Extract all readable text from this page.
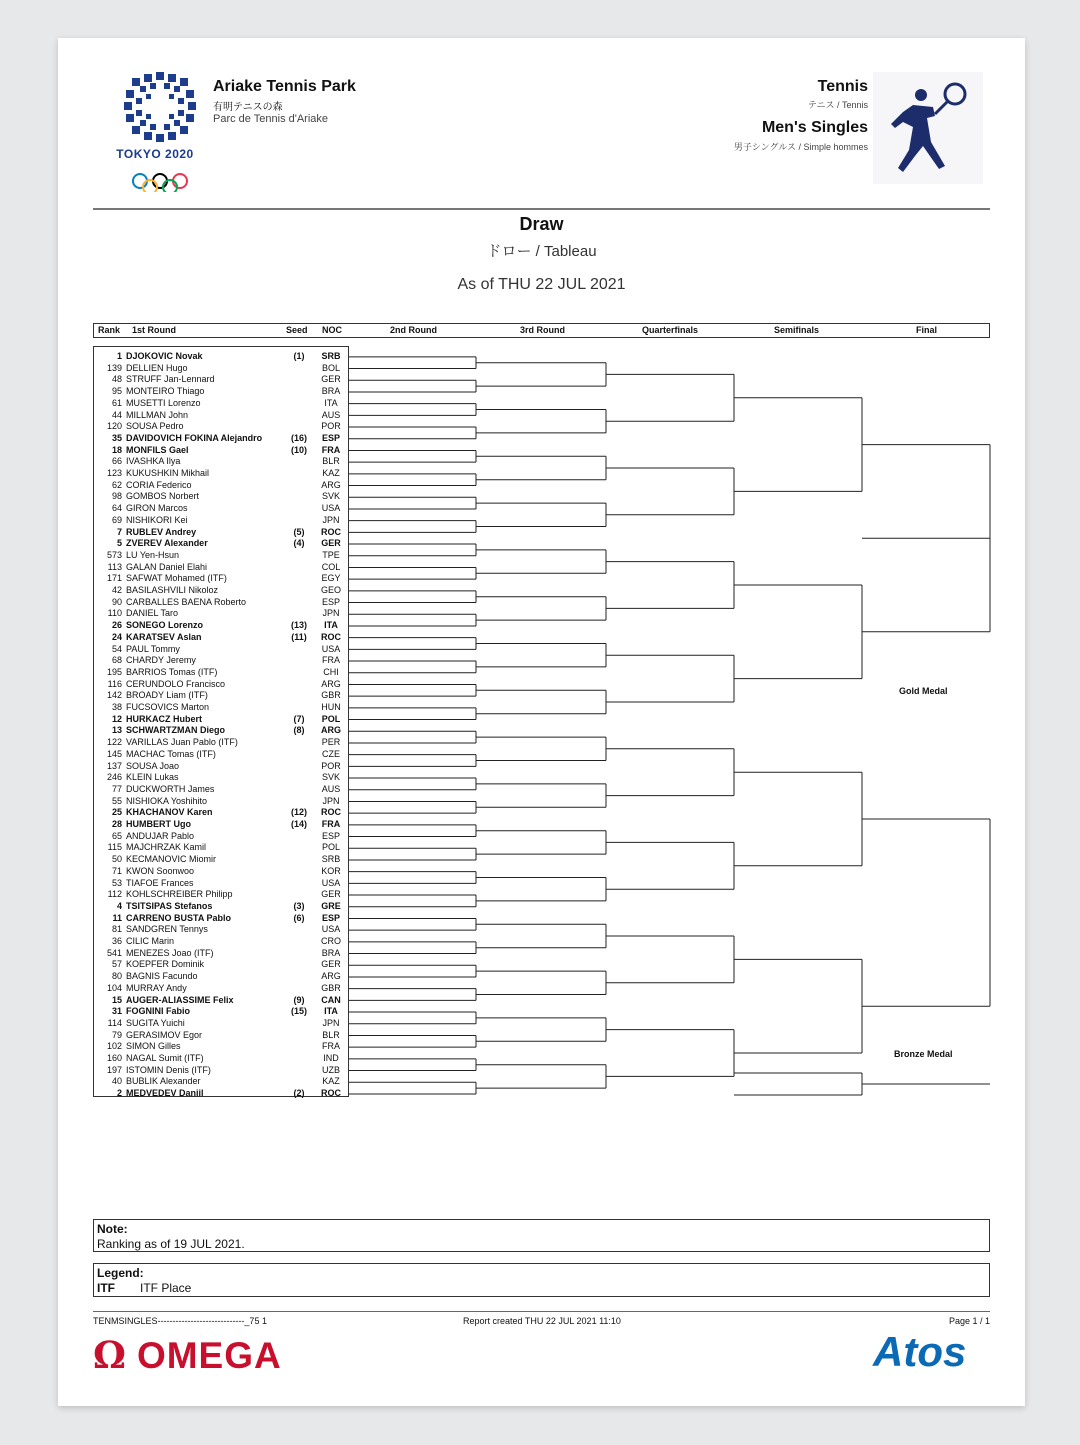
TOKYO 2020
Ariake Tennis Park
有明テニスの森
Parc de Tennis d'Ariake
Tennis
テニス / Tennis
Men's Singles
男子シングルス / Simple hommes
Draw
ドロー / Tableau
As of THU 22 JUL 2021
Rank 1st Round	Seed NOC	2nd Round	3rd Round	Quarterfinals	Semifinals	Final
1 DJOKOVIC Novak	(1)	SRB
139 DELLIEN Hugo	BOL
48 STRUFF Jan-Lennard	GER
95 MONTEIRO Thiago	BRA
61 MUSETTI Lorenzo	ITA
44 MILLMAN John	AUS
120 SOUSA Pedro	POR
35 DAVIDOVICH FOKINA Alejandro	(16)	ESP
18 MONFILS Gael	(10)	FRA
66 IVASHKA Ilya	BLR
123 KUKUSHKIN Mikhail	KAZ
62 CORIA Federico	ARG
98 GOMBOS Norbert	SVK
64 GIRON Marcos	USA
69 NISHIKORI Kei	JPN
7 RUBLEV Andrey	(5)	ROC
5 ZVEREV Alexander	(4)	GER
573 LU Yen-Hsun	TPE
113 GALAN Daniel Elahi	COL
171 SAFWAT Mohamed (ITF)	EGY
42 BASILASHVILI Nikoloz	GEO
90 CARBALLES BAENA Roberto	ESP
110 DANIEL Taro	JPN
26 SONEGO Lorenzo	(13)	ITA
24 KARATSEV Aslan	(11)	ROC
54 PAUL Tommy	USA
68 CHARDY Jeremy	FRA
195 BARRIOS Tomas (ITF)	CHI
116 CERUNDOLO Francisco	ARG
142 BROADY Liam (ITF)	GBR
38 FUCSOVICS Marton	HUN
12 HURKACZ Hubert	(7)	POL
13 SCHWARTZMAN Diego	(8)	ARG
122 VARILLAS Juan Pablo (ITF)	PER
145 MACHAC Tomas (ITF)	CZE
137 SOUSA Joao	POR
246 KLEIN Lukas	SVK
77 DUCKWORTH James	AUS
55 NISHIOKA Yoshihito	JPN
25 KHACHANOV Karen	(12)	ROC
28 HUMBERT Ugo	(14)	FRA
65 ANDUJAR Pablo	ESP
115 MAJCHRZAK Kamil	POL
50 KECMANOVIC Miomir	SRB
71 KWON Soonwoo	KOR
53 TIAFOE Frances	USA
112 KOHLSCHREIBER Philipp	GER
4 TSITSIPAS Stefanos	(3)	GRE
11 CARRENO BUSTA Pablo	(6)	ESP
81 SANDGREN Tennys	USA
36 CILIC Marin	CRO
541 MENEZES Joao (ITF)	BRA
57 KOEPFER Dominik	GER
80 BAGNIS Facundo	ARG
104 MURRAY Andy	GBR
15 AUGER-ALIASSIME Felix	(9)	CAN
31 FOGNINI Fabio	(15)	ITA
114 SUGITA Yuichi	JPN
79 GERASIMOV Egor	BLR
102 SIMON Gilles	FRA
160 NAGAL Sumit (ITF)	IND
197 ISTOMIN Denis (ITF)	UZB
40 BUBLIK Alexander	KAZ
2 MEDVEDEV Daniil	(2)	ROC
Gold Medal
Bronze Medal
Note:
Ranking as of 19 JUL 2021.
Legend:
ITF ITF Place
TENMSINGLES-----------------------------_75 1	Report created THU 22 JUL 2021 11:10	Page 1 / 1
Ω OMEGA	Atos
